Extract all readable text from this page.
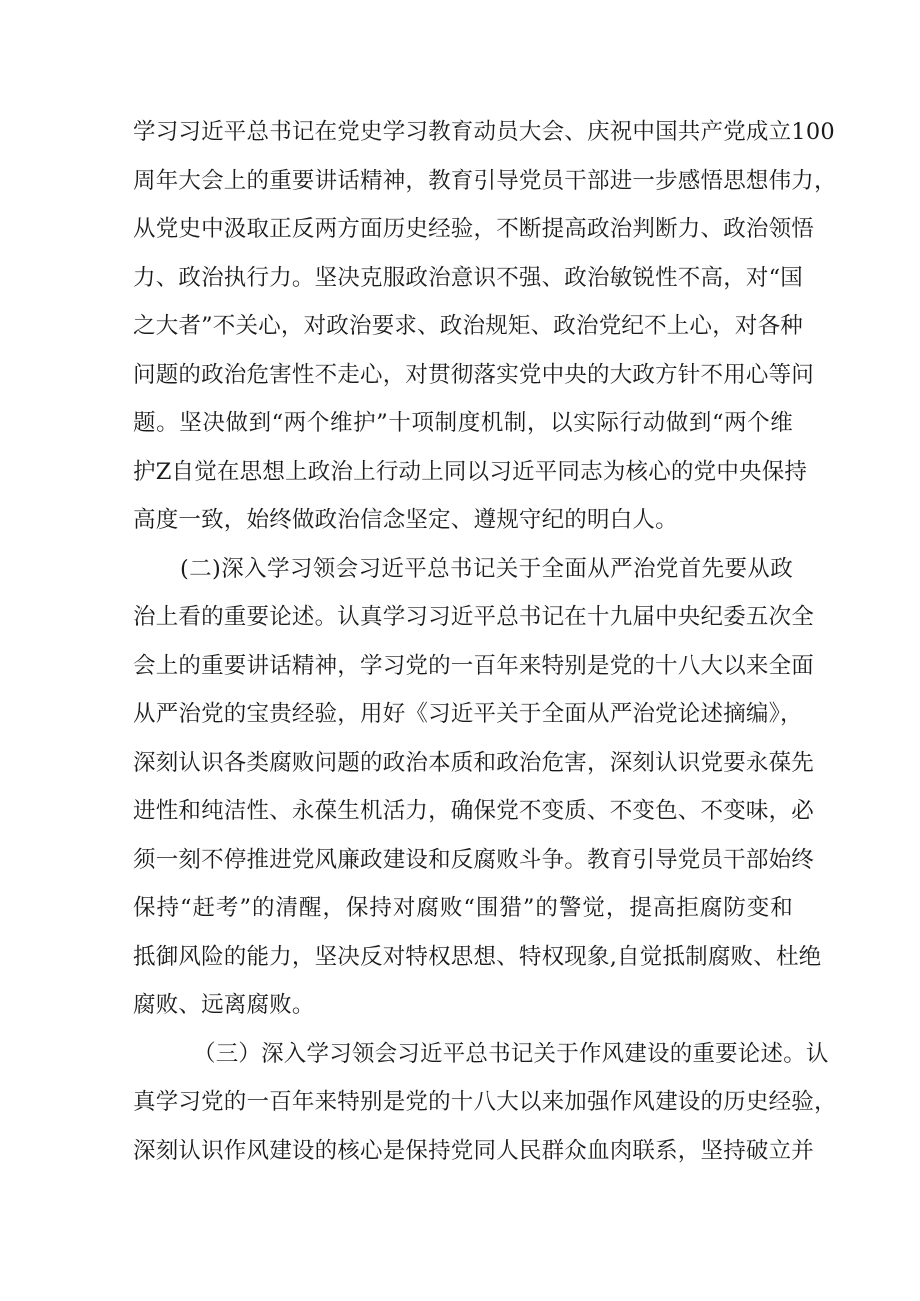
学习习近平总书记在党史学习教育动员大会、庆祝中国共产党成立100
周年大会上的重要讲话精神，教育引导党员干部进一步感悟思想伟力，
从党史中汲取正反两方面历史经验，不断提高政治判断力、政治领悟
力、政治执行力。坚决克服政治意识不强、政治敏锐性不高，对“国
之大者”不关心，对政治要求、政治规矩、政治党纪不上心，对各种
问题的政治危害性不走心，对贯彻落实党中央的大政方针不用心等问
题。坚决做到“两个维护”十项制度机制，以实际行动做到“两个维
护Z自觉在思想上政治上行动上同以习近平同志为核心的党中央保持
高度一致，始终做政治信念坚定、遵规守纪的明白人。
(二)深入学习领会习近平总书记关于全面从严治党首先要从政
治上看的重要论述。认真学习习近平总书记在十九届中央纪委五次全
会上的重要讲话精神，学习党的一百年来特别是党的十八大以来全面
从严治党的宝贵经验，用好《习近平关于全面从严治党论述摘编》，
深刻认识各类腐败问题的政治本质和政治危害，深刻认识党要永葆先
进性和纯洁性、永葆生机活力，确保党不变质、不变色、不变味，必
须一刻不停推进党风廉政建设和反腐败斗争。教育引导党员干部始终
保持“赶考”的清醒，保持对腐败“围猎”的警觉，提高拒腐防变和
抵御风险的能力，坚决反对特权思想、特权现象,自觉抵制腐败、杜绝
腐败、远离腐败。
（三）深入学习领会习近平总书记关于作风建设的重要论述。认
真学习党的一百年来特别是党的十八大以来加强作风建设的历史经验，
深刻认识作风建设的核心是保持党同人民群众血肉联系，坚持破立并
